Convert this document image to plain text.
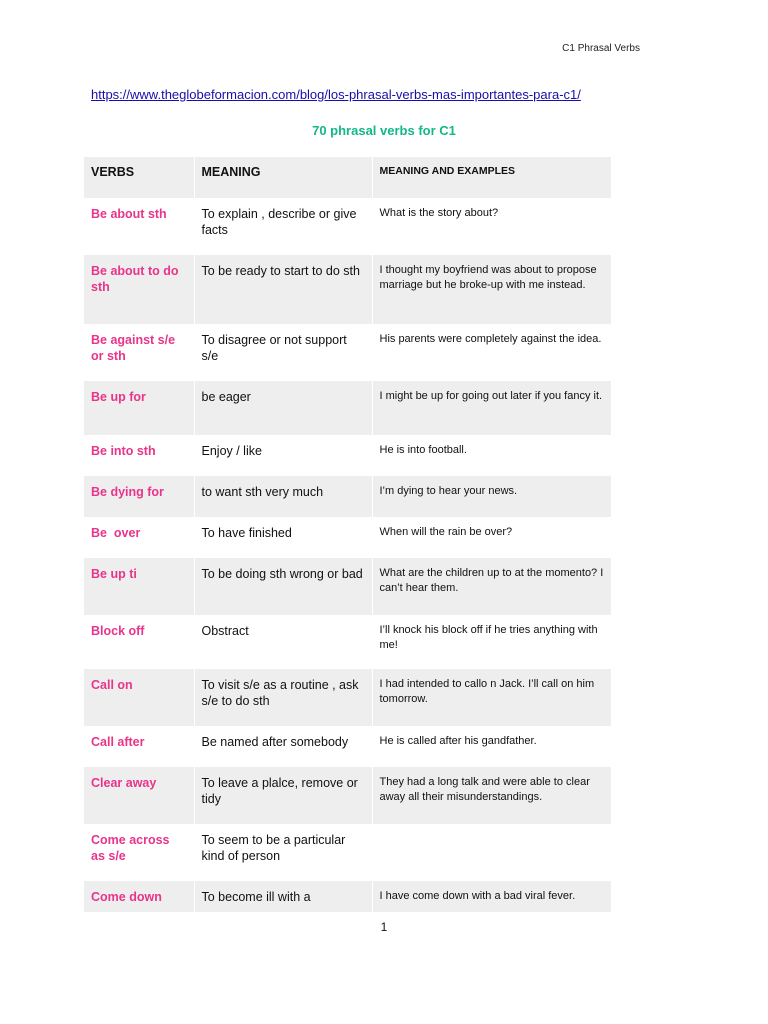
C1 Phrasal Verbs
https://www.theglobeformacion.com/blog/los-phrasal-verbs-mas-importantes-para-c1/
70 phrasal verbs for C1
VERBS	MEANING	MEANING AND EXAMPLES
Be about sth	To explain , describe or give facts	What is the story about?
Be about to do sth	To be ready to start to do sth	I thought my boyfriend was about to propose marriage but he broke-up with me instead.
Be against s/e or sth	To disagree or not support s/e	His parents were completely against the idea.
Be up for	be eager	I might be up for going out later if you fancy it.
Be into sth	Enjoy / like	He is into football.
Be dying for	to want sth very much	I’m dying to hear your news.
Be  over	To have finished	When will the rain be over?
Be up ti	To be doing sth wrong or bad	What are the children up to at the momento? I can’t hear them.
Block off	Obstract	I’ll knock his block off if he tries anything with me!
Call on	To visit s/e as a routine , ask s/e to do sth	I had intended to callo n Jack. I’ll call on him tomorrow.
Call after	Be named after somebody	He is called after his gandfather.
Clear away	To leave a plalce, remove or tidy	They had a long talk and were able to clear away all their misunderstandings.
Come across as s/e	To seem to be a particular kind of person	
Come down	To become ill with a	I have come down with a bad viral fever.
1
